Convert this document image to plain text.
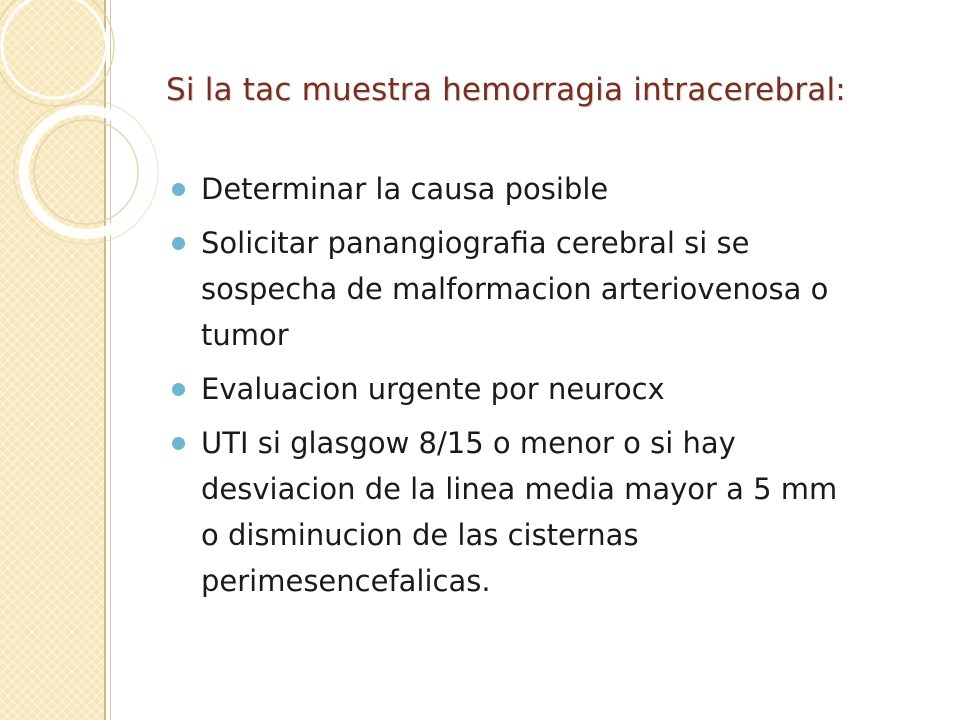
Si la tac muestra hemorragia intracerebral:
Determinar la causa posible
Solicitar panangiografia cerebral si se sospecha de malformacion arteriovenosa o tumor
Evaluacion urgente por neurocx
UTI si glasgow 8/15 o menor o si hay desviacion de la linea media mayor a 5 mm o disminucion de las cisternas perimesencefalicas.
